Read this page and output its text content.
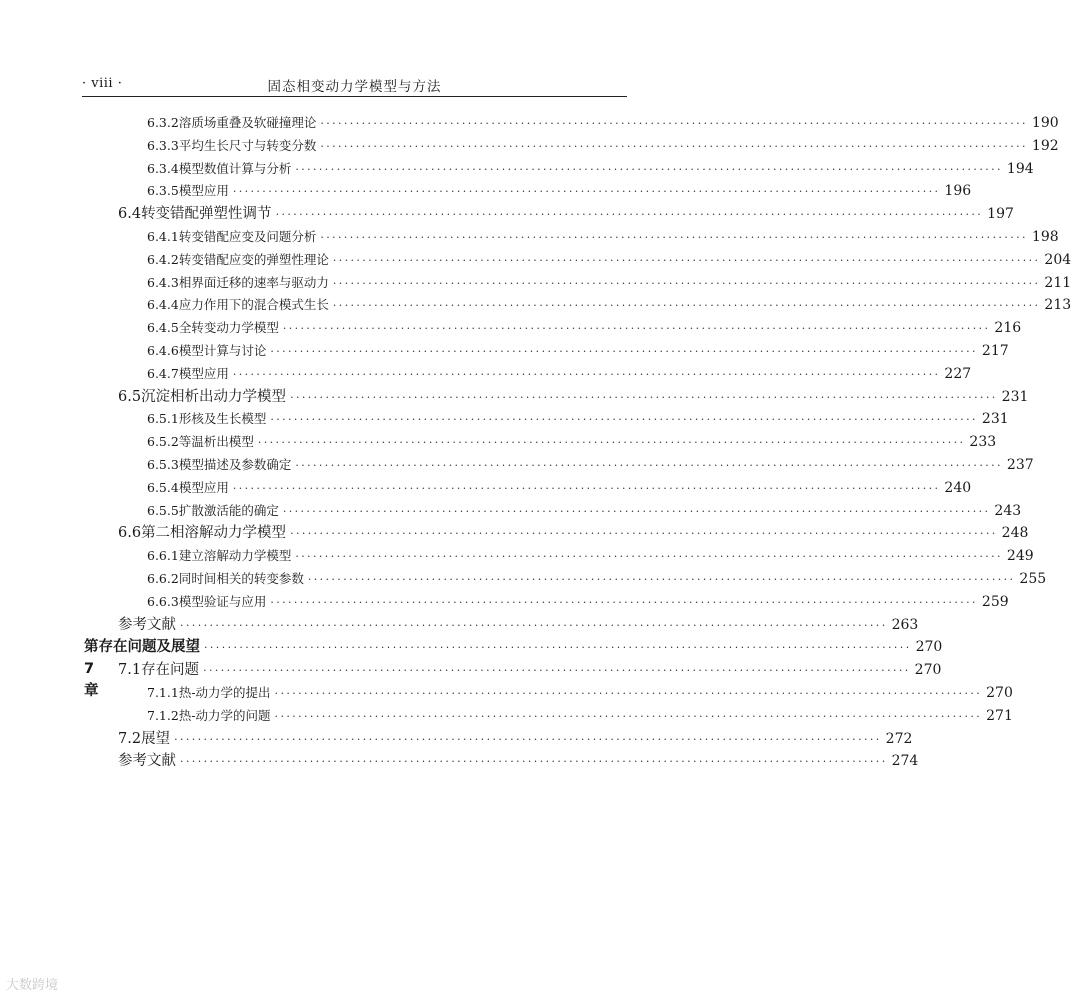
· viii ·	固态相变动力学模型与方法
6.3.2 溶质场重叠及软碰撞理论 ························································································································ 190
6.3.3 平均生长尺寸与转变分数 ························································································································ 192
6.3.4 模型数值计算与分析 ························································································································ 194
6.3.5 模型应用 ························································································································ 196
6.4 转变错配弹塑性调节 ························································································································ 197
6.4.1 转变错配应变及问题分析 ························································································································ 198
6.4.2 转变错配应变的弹塑性理论 ························································································································ 204
6.4.3 相界面迁移的速率与驱动力 ························································································································ 211
6.4.4 应力作用下的混合模式生长 ························································································································ 213
6.4.5 全转变动力学模型 ························································································································ 216
6.4.6 模型计算与讨论 ························································································································ 217
6.4.7 模型应用 ························································································································ 227
6.5 沉淀相析出动力学模型 ························································································································ 231
6.5.1 形核及生长模型 ························································································································ 231
6.5.2 等温析出模型 ························································································································ 233
6.5.3 模型描述及参数确定 ························································································································ 237
6.5.4 模型应用 ························································································································ 240
6.5.5 扩散激活能的确定 ························································································································ 243
6.6 第二相溶解动力学模型 ························································································································ 248
6.6.1 建立溶解动力学模型 ························································································································ 249
6.6.2 同时间相关的转变参数 ························································································································ 255
6.6.3 模型验证与应用 ························································································································ 259
参考文献 ························································································································ 263
第 7 章
存在问题及展望 ························································································································ 270
7.1 存在问题 ························································································································ 270
7.1.1 热-动力学的提出 ························································································································ 270
7.1.2 热-动力学的问题 ························································································································ 271
7.2 展望 ························································································································ 272
参考文献 ························································································································ 274
大数跨境
